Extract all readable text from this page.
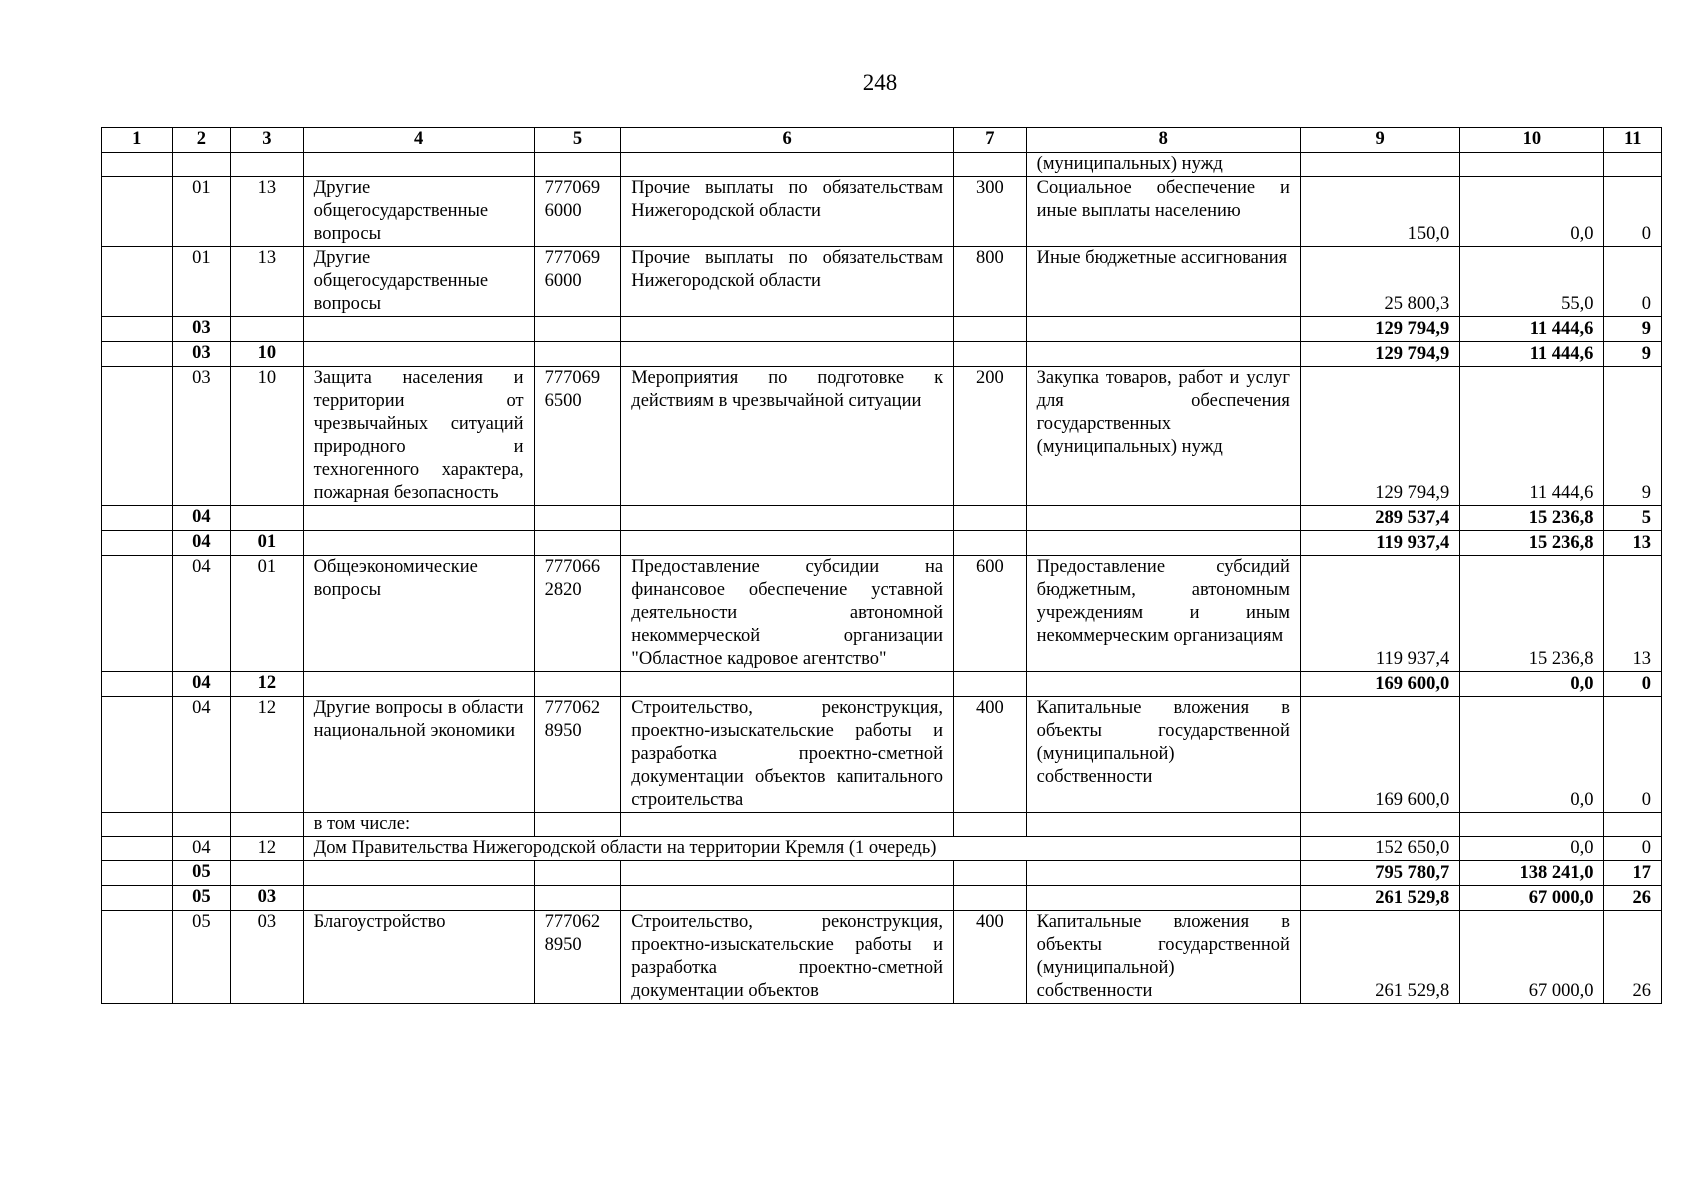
248
1	2	3	4	5	6	7	8	9	10	11
							(муниципальных) нужд			
	01	13	Другие общегосударственные вопросы	777069 6000	Прочие выплаты по обязательствам Нижегородской области	300	Социальное обеспечение и иные выплаты населению	150,0	0,0	0
	01	13	Другие общегосударственные вопросы	777069 6000	Прочие выплаты по обязательствам Нижегородской области	800	Иные бюджетные ассигнования	25 800,3	55,0	0
	03							129 794,9	11 444,6	9
	03	10						129 794,9	11 444,6	9
	03	10	Защита населения и территории от чрезвычайных ситуаций природного и техногенного характера, пожарная безопасность	777069 6500	Мероприятия по подготовке к действиям в чрезвычайной ситуации	200	Закупка товаров, работ и услуг для обеспечения государственных (муниципальных) нужд	129 794,9	11 444,6	9
	04							289 537,4	15 236,8	5
	04	01						119 937,4	15 236,8	13
	04	01	Общеэкономические вопросы	777066 2820	Предоставление субсидии на финансовое обеспечение уставной деятельности автономной некоммерческой организации "Областное кадровое агентство"	600	Предоставление субсидий бюджетным, автономным учреждениям и иным некоммерческим организациям	119 937,4	15 236,8	13
	04	12						169 600,0	0,0	0
	04	12	Другие вопросы в области национальной экономики	777062 8950	Строительство, реконструкция, проектно-изыскательские работы и разработка проектно-сметной документации объектов капитального строительства	400	Капитальные вложения в объекты государственной (муниципальной) собственности	169 600,0	0,0	0
			в том числе:							
	04	12	Дом Правительства Нижегородской области на территории Кремля (1 очередь)					152 650,0	0,0	0
	05							795 780,7	138 241,0	17
	05	03						261 529,8	67 000,0	26
	05	03	Благоустройство	777062 8950	Строительство, реконструкция, проектно-изыскательские работы и разработка проектно-сметной документации объектов	400	Капитальные вложения в объекты государственной (муниципальной) собственности	261 529,8	67 000,0	26
